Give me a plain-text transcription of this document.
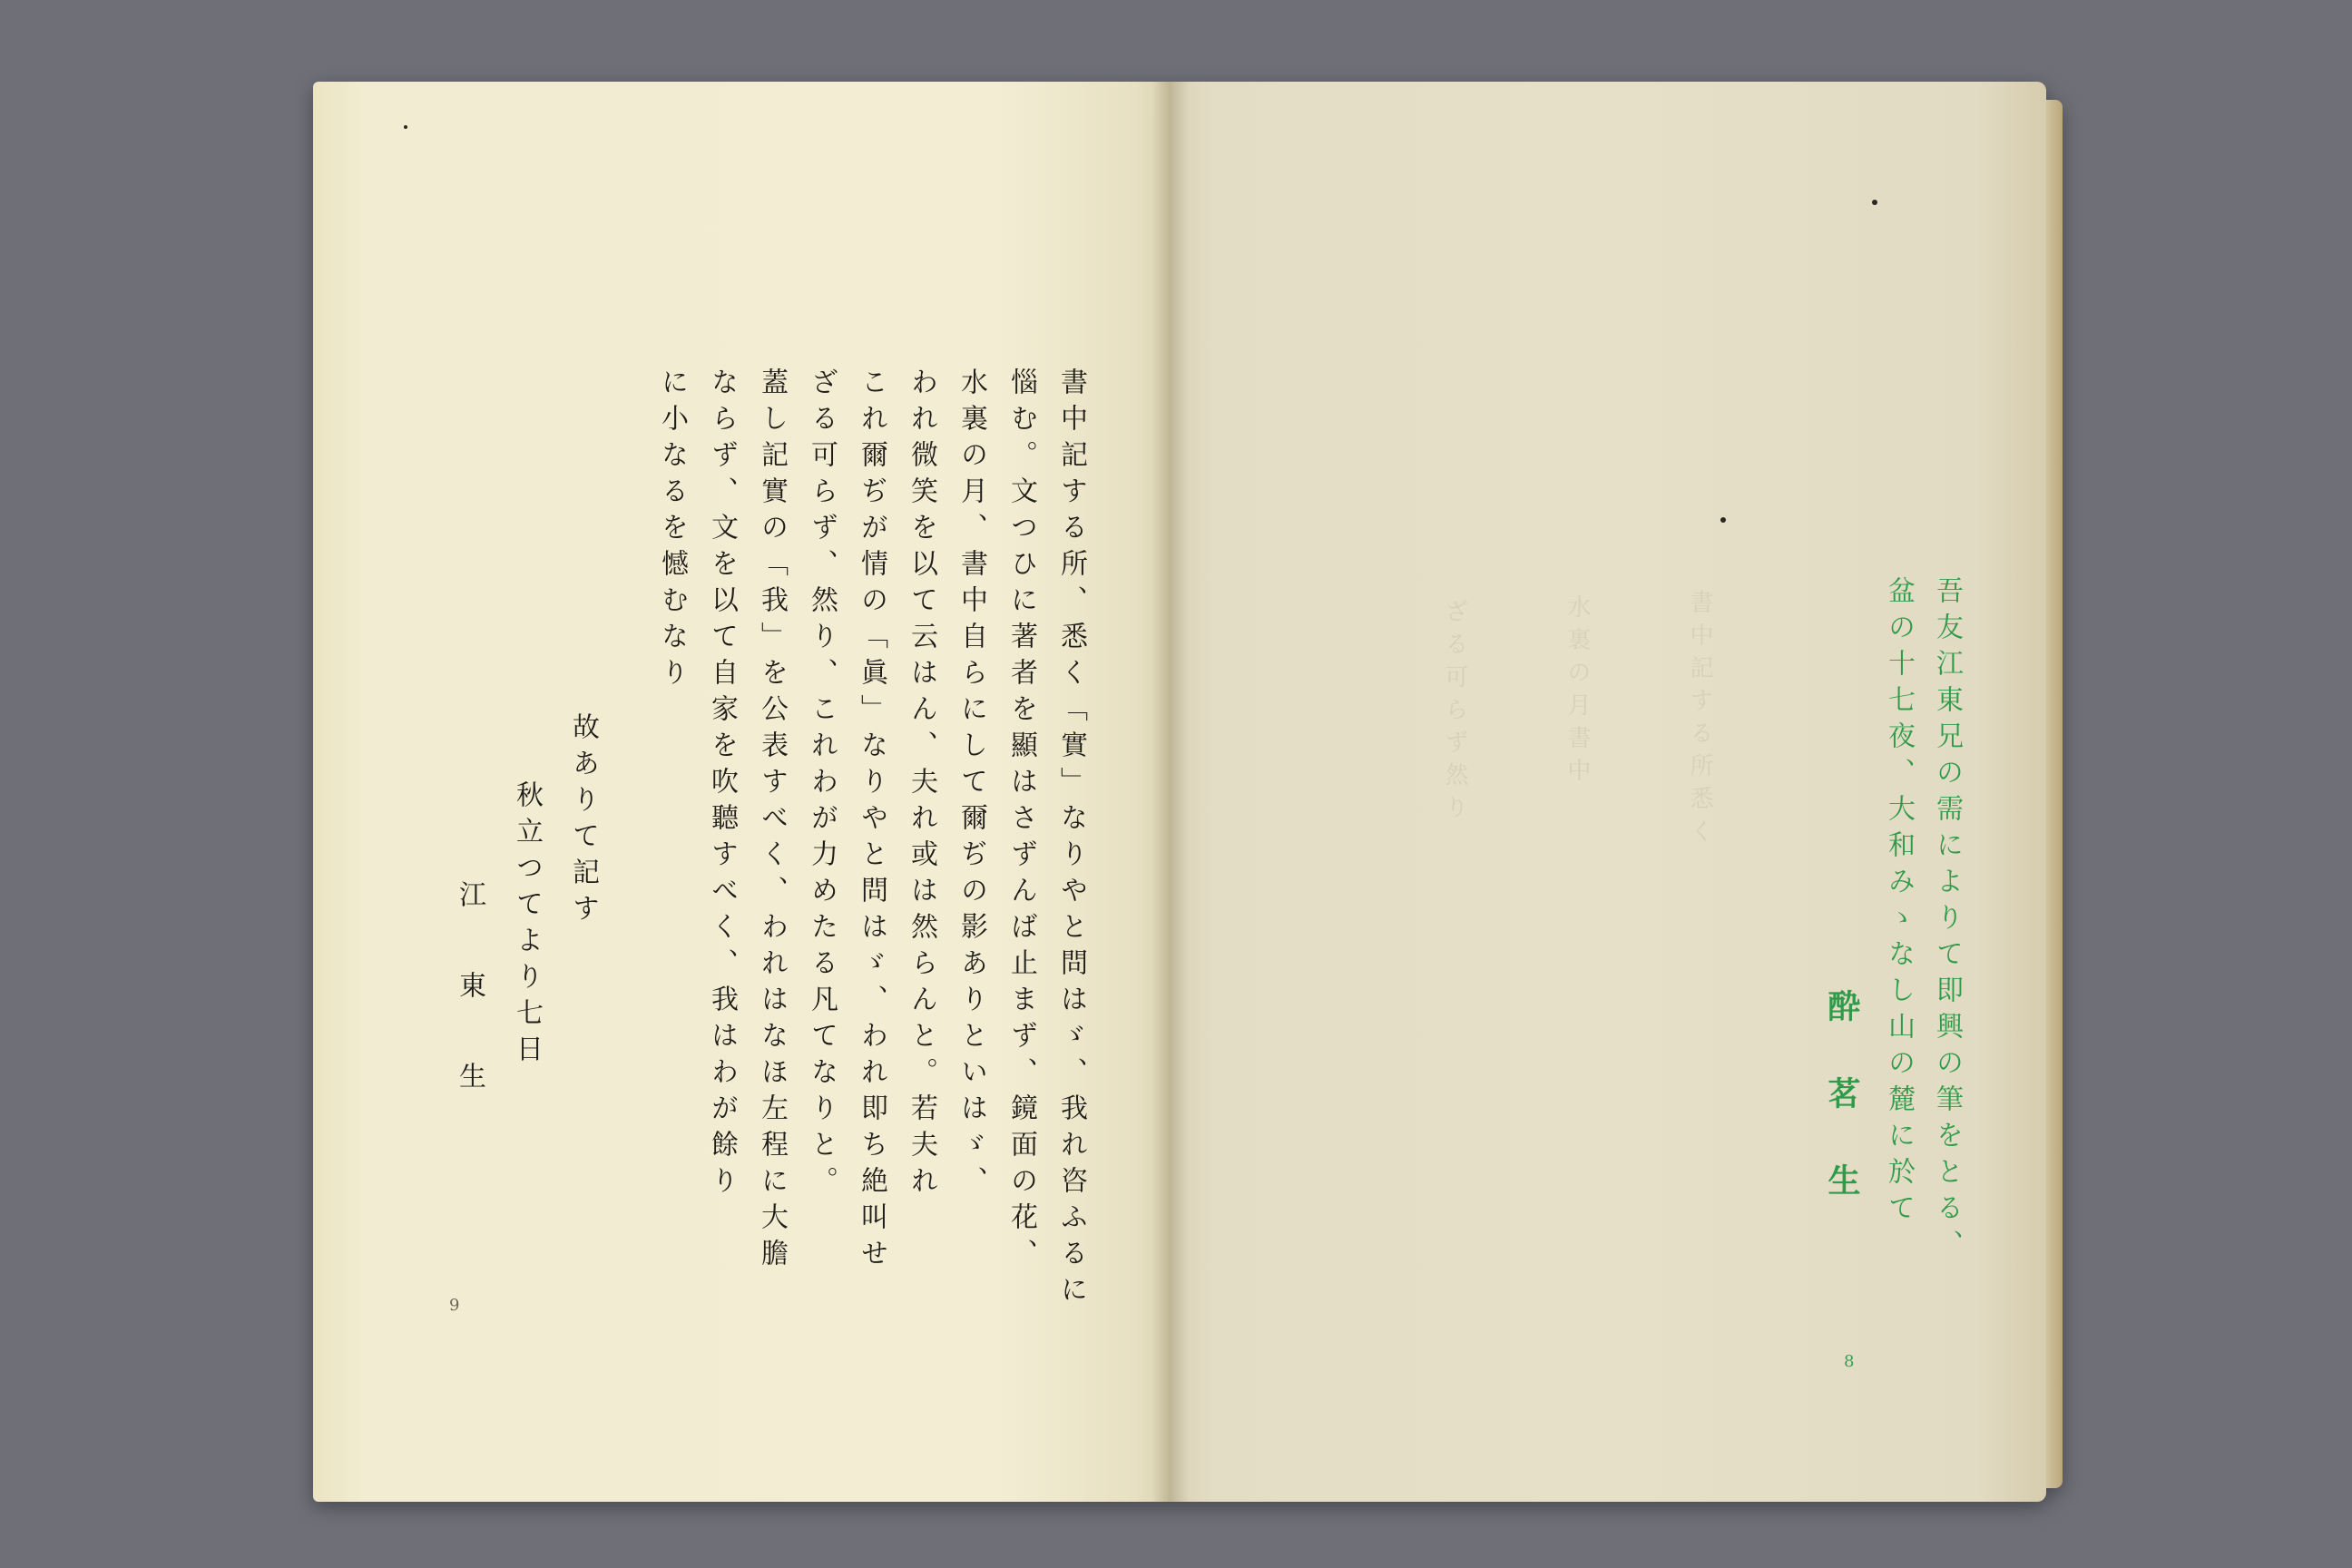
書中記する所、悉く「實」なりやと問はゞ、我れ咨ふるに
惱む。文つひに著者を顯はさずんば止まず、鏡面の花、
水裏の月、書中自らにして爾ぢの影ありといはゞ、
われ微笑を以て云はん、夫れ或は然らんと。若夫れ
これ爾ぢが情の「眞」なりやと問はゞ、われ即ち絶叫せ
ざる可らず、然り、これわが力めたる凡てなりと。
蓋し記實の「我」を公表すべく、われはなほ左程に大膽
ならず、文を以て自家を吹聽すべく、我はわが餘り
に小なるを憾むなり
故ありて記す
秋立つてより七日
江東生
9
書中記する所悉く
水裏の月書中
ざる可らず然り	吾友江東兄の需によりて即興の筆をとる、
盆の十七夜、大和みゝなし山の麓に於て
酔茗生
8
